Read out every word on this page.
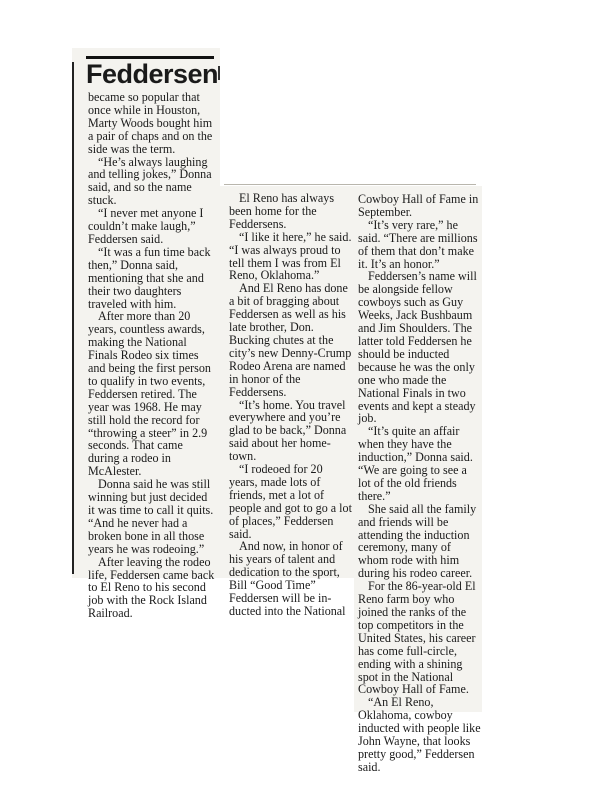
Feddersen

became so popular that once while in Houston, Marty Woods bought him a pair of chaps and on the side was the term.

“He’s always laughing and telling jokes,” Donna said, and so the name stuck.

“I never met anyone I couldn’t make laugh,” Feddersen said.

“It was a fun time back then,” Donna said, mentioning that she and their two daughters traveled with him.

After more than 20 years, countless awards, making the National Finals Rodeo six times and being the first person to qualify in two events, Feddersen retired. The year was 1968. He may still hold the record for “throwing a steer” in 2.9 seconds. That came during a rodeo in McAlester.

Donna said he was still winning but just decided it was time to call it quits. “And he never had a broken bone in all those years he was rodeoing.”

After leaving the rodeo life, Feddersen came back to El Reno to his second job with the Rock Island Railroad.

El Reno has always been home for the Feddersens.

“I like it here,” he said. “I was always proud to tell them I was from El Reno, Oklahoma.”

And El Reno has done a bit of bragging about Feddersen as well as his late brother, Don. Bucking chutes at the city’s new Denny-Crump Rodeo Arena are named in honor of the Feddersens.

“It’s home. You travel everywhere and you’re glad to be back,” Donna said about her home-town.

“I rodeoed for 20 years, made lots of friends, met a lot of people and got to go a lot of places,” Feddersen said.

And now, in honor of his years of talent and dedication to the sport, Bill “Good Time” Feddersen will be in-ducted into the National

Cowboy Hall of Fame in September.

“It’s very rare,” he said. “There are millions of them that don’t make it. It’s an honor.”

Feddersen’s name will be alongside fellow cowboys such as Guy Weeks, Jack Bushbaum and Jim Shoulders. The latter told Feddersen he should be inducted because he was the only one who made the National Finals in two events and kept a steady job.

“It’s quite an affair when they have the induction,” Donna said. “We are going to see a lot of the old friends there.”

She said all the family and friends will be attending the induction ceremony, many of whom rode with him during his rodeo career.

For the 86-year-old El Reno farm boy who joined the ranks of the top competitors in the United States, his career has come full-circle, ending with a shining spot in the National Cowboy Hall of Fame.

“An El Reno, Oklahoma, cowboy inducted with people like John Wayne, that looks pretty good,” Feddersen said.
